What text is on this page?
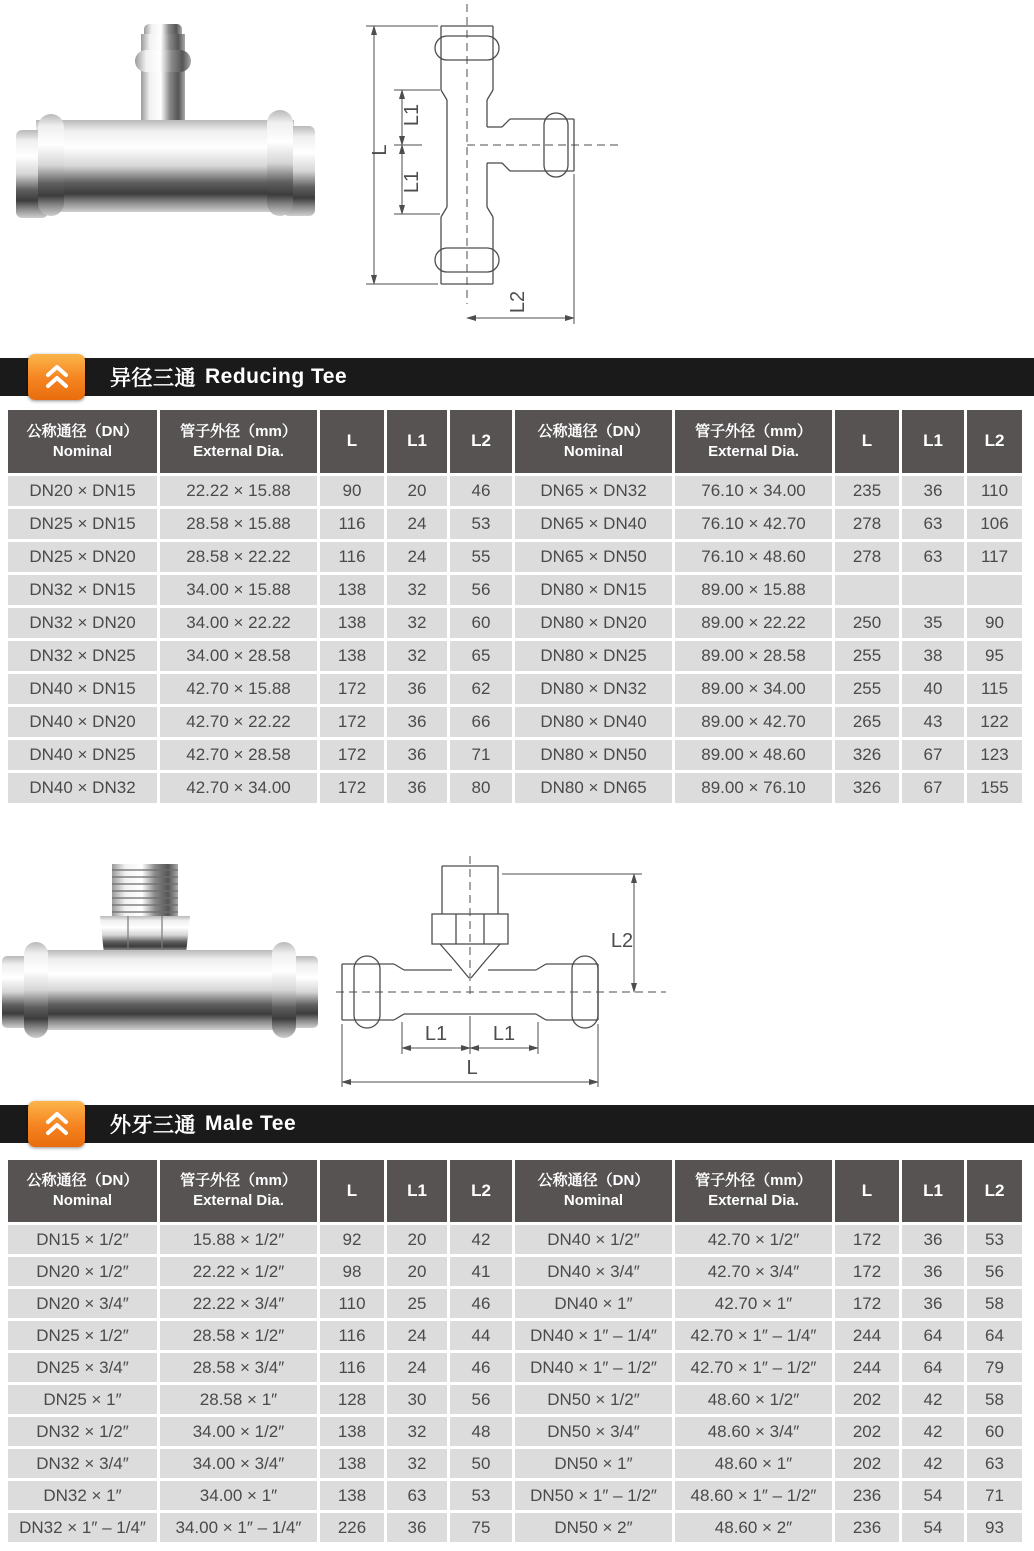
L
L1
L1
L2
异径三通 Reducing Tee
公称通径（DN）
Nominal
管子外径（mm）
External Dia.
L	L1	L2
公称通径（DN）
Nominal
管子外径（mm）
External Dia.
L	L1	L2
DN20 × DN15	22.22 × 15.88	90	20	46	DN65 × DN32	76.10 × 34.00	235	36	110
DN25 × DN15	28.58 × 15.88	116	24	53	DN65 × DN40	76.10 × 42.70	278	63	106
DN25 × DN20	28.58 × 22.22	116	24	55	DN65 × DN50	76.10 × 48.60	278	63	117
DN32 × DN15	34.00 × 15.88	138	32	56	DN80 × DN15	89.00 × 15.88
DN32 × DN20	34.00 × 22.22	138	32	60	DN80 × DN20	89.00 × 22.22	250	35	90
DN32 × DN25	34.00 × 28.58	138	32	65	DN80 × DN25	89.00 × 28.58	255	38	95
DN40 × DN15	42.70 × 15.88	172	36	62	DN80 × DN32	89.00 × 34.00	255	40	115
DN40 × DN20	42.70 × 22.22	172	36	66	DN80 × DN40	89.00 × 42.70	265	43	122
DN40 × DN25	42.70 × 28.58	172	36	71	DN80 × DN50	89.00 × 48.60	326	67	123
DN40 × DN32	42.70 × 34.00	172	36	80	DN80 × DN65	89.00 × 76.10	326	67	155
L2
L1 L1
L
外牙三通 Male Tee
公称通径（DN）
Nominal
管子外径（mm）
External Dia.
L	L1	L2
公称通径（DN）
Nominal
管子外径（mm）
External Dia.
L	L1	L2
DN15 × 1/2″	15.88 × 1/2″	92	20	42	DN40 × 1/2″	42.70 × 1/2″	172	36	53
DN20 × 1/2″	22.22 × 1/2″	98	20	41	DN40 × 3/4″	42.70 × 3/4″	172	36	56
DN20 × 3/4″	22.22 × 3/4″	110	25	46	DN40 × 1″	42.70 × 1″	172	36	58
DN25 × 1/2″	28.58 × 1/2″	116	24	44	DN40 × 1″ – 1/4″	42.70 × 1″ – 1/4″	244	64	64
DN25 × 3/4″	28.58 × 3/4″	116	24	46	DN40 × 1″ – 1/2″	42.70 × 1″ – 1/2″	244	64	79
DN25 × 1″	28.58 × 1″	128	30	56	DN50 × 1/2″	48.60 × 1/2″	202	42	58
DN32 × 1/2″	34.00 × 1/2″	138	32	48	DN50 × 3/4″	48.60 × 3/4″	202	42	60
DN32 × 3/4″	34.00 × 3/4″	138	32	50	DN50 × 1″	48.60 × 1″	202	42	63
DN32 × 1″	34.00 × 1″	138	63	53	DN50 × 1″ – 1/2″	48.60 × 1″ – 1/2″	236	54	71
DN32 × 1″ – 1/4″	34.00 × 1″ – 1/4″	226	36	75	DN50 × 2″	48.60 × 2″	236	54	93
